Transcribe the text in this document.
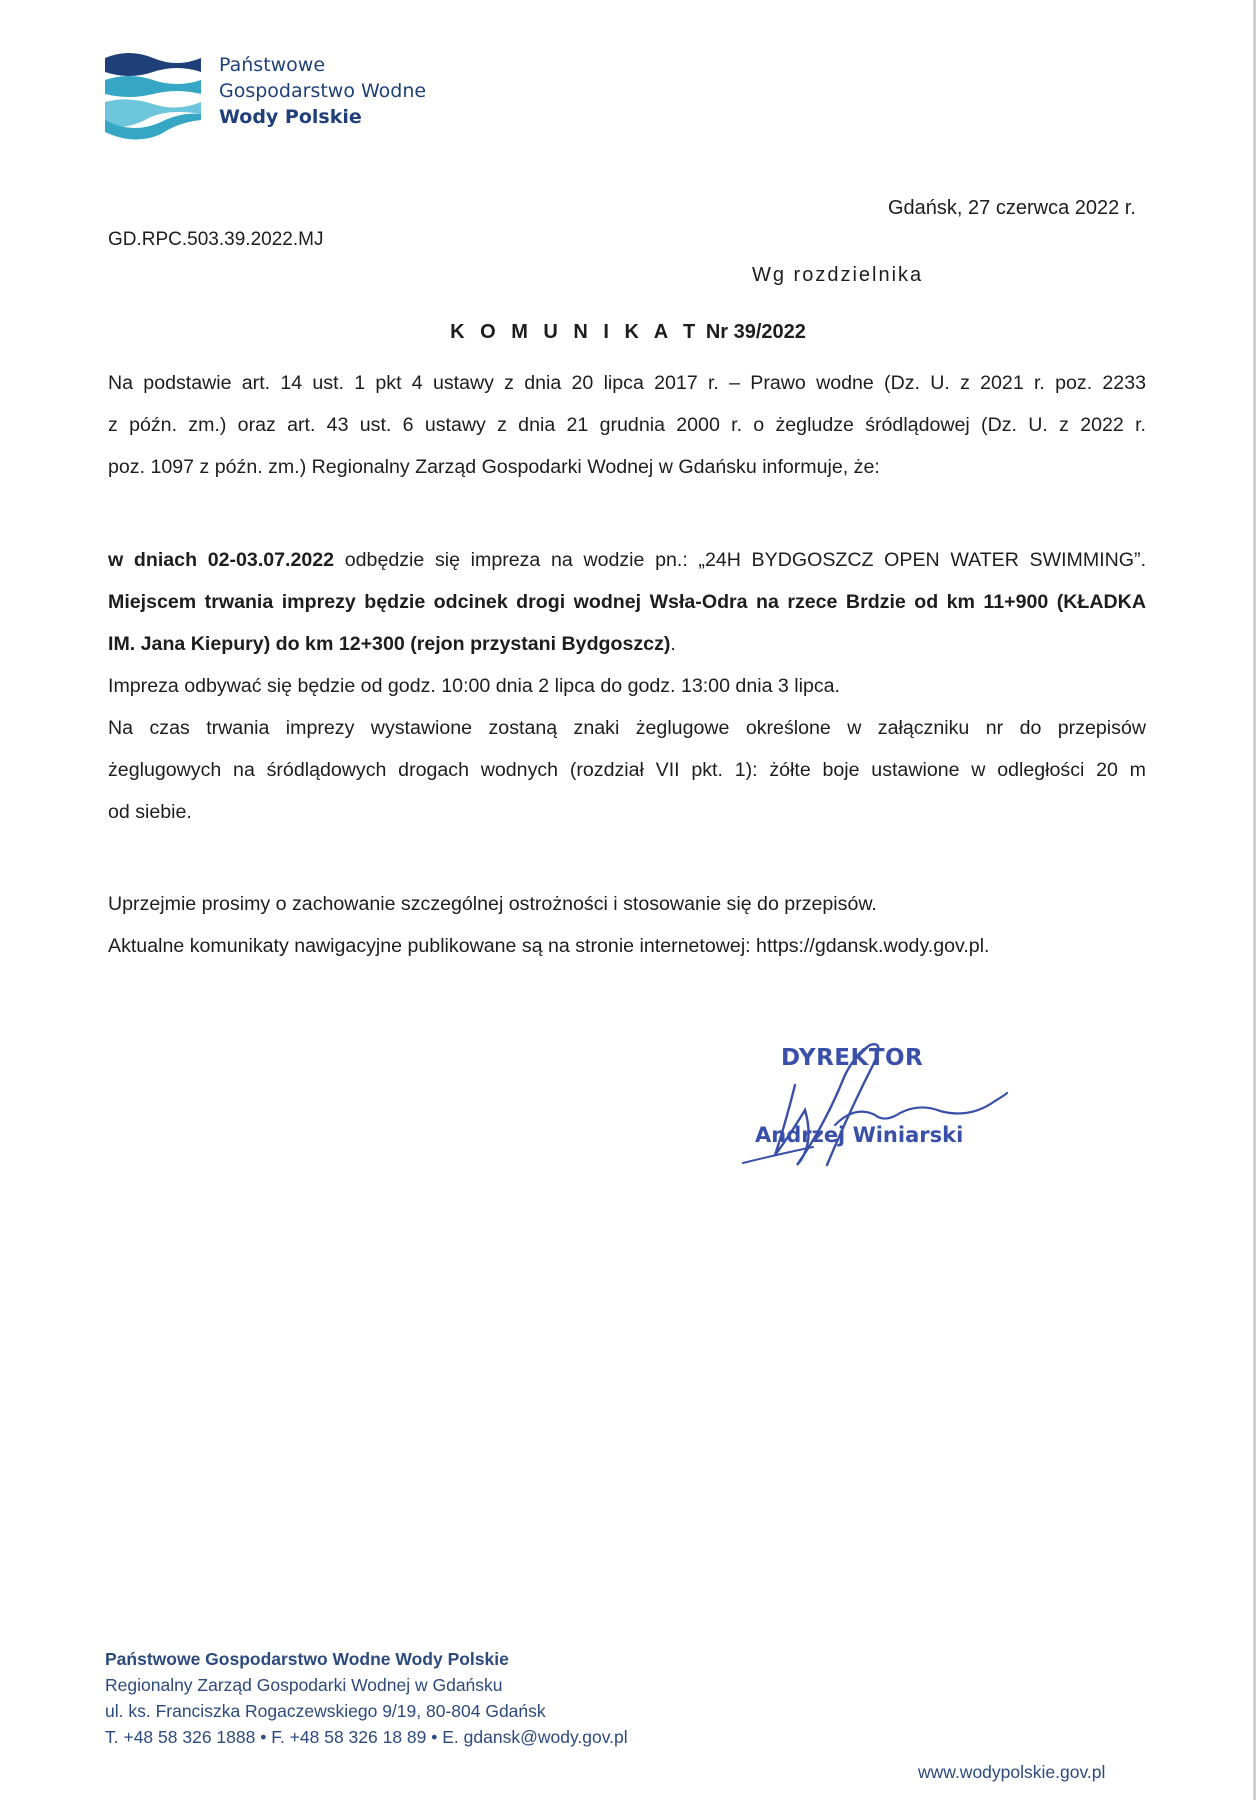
Państwowe
Gospodarstwo Wodne
Wody Polskie
Gdańsk, 27 czerwca 2022 r.
GD.RPC.503.39.2022.MJ
Wg rozdzielnika
K O M U N I K A T Nr 39/2022
Na podstawie art. 14 ust. 1 pkt 4 ustawy z dnia 20 lipca 2017 r. – Prawo wodne (Dz. U. z 2021 r. poz. 2233
z późn. zm.) oraz art. 43 ust. 6 ustawy z dnia 21 grudnia 2000 r. o żegludze śródlądowej (Dz. U. z 2022 r.
poz. 1097 z późn. zm.) Regionalny Zarząd Gospodarki Wodnej w Gdańsku informuje, że:
w dniach 02-03.07.2022 odbędzie się impreza na wodzie pn.: „24H BYDGOSZCZ OPEN WATER SWIMMING”.
Miejscem trwania imprezy będzie odcinek drogi wodnej Wsła-Odra na rzece Brdzie od km 11+900 (KŁADKA
IM. Jana Kiepury) do km 12+300 (rejon przystani Bydgoszcz).
Impreza odbywać się będzie od godz. 10:00 dnia 2 lipca do godz. 13:00 dnia 3 lipca.
Na czas trwania imprezy wystawione zostaną znaki żeglugowe określone w załączniku nr do przepisów
żeglugowych na śródlądowych drogach wodnych (rozdział VII pkt. 1): żółte boje ustawione w odległości 20 m
od siebie.
Uprzejmie prosimy o zachowanie szczególnej ostrożności i stosowanie się do przepisów.
Aktualne komunikaty nawigacyjne publikowane są na stronie internetowej: https://gdansk.wody.gov.pl.
DYREKTOR
Andrzej Winiarski
Państwowe Gospodarstwo Wodne Wody Polskie
Regionalny Zarząd Gospodarki Wodnej w Gdańsku
ul. ks. Franciszka Rogaczewskiego 9/19, 80-804 Gdańsk
T. +48 58 326 1888 • F. +48 58 326 18 89 • E. gdansk@wody.gov.pl
www.wodypolskie.gov.pl
